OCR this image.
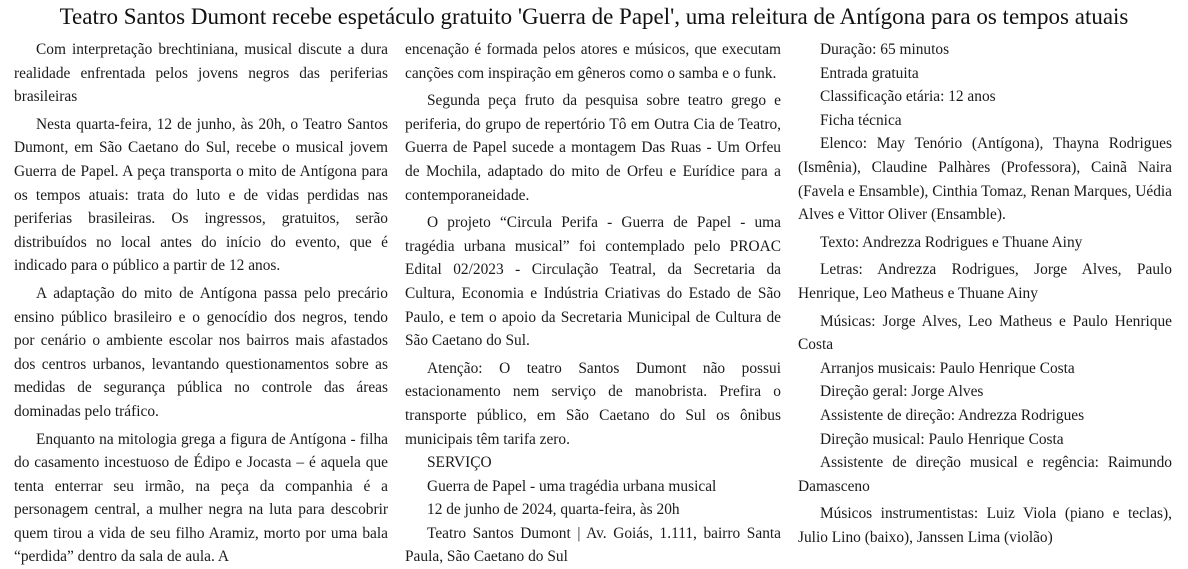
Teatro Santos Dumont recebe espetáculo gratuito 'Guerra de Papel', uma releitura de Antígona para os tempos atuais

Com interpretação brechtiniana, musical discute a dura realidade enfrentada pelos jovens negros das periferias brasileiras

Nesta quarta-feira, 12 de junho, às 20h, o Teatro Santos Dumont, em São Caetano do Sul, recebe o musical jovem Guerra de Papel. A peça transporta o mito de Antígona para os tempos atuais: trata do luto e de vidas perdidas nas periferias brasileiras. Os ingressos, gratuitos, serão distribuídos no local antes do início do evento, que é indicado para o público a partir de 12 anos.

A adaptação do mito de Antígona passa pelo precário ensino público brasileiro e o genocídio dos negros, tendo por cenário o ambiente escolar nos bairros mais afastados dos centros urbanos, levantando questionamentos sobre as medidas de segurança pública no controle das áreas dominadas pelo tráfico.

Enquanto na mitologia grega a figura de Antígona - filha do casamento incestuoso de Édipo e Jocasta – é aquela que tenta enterrar seu irmão, na peça da companhia é a personagem central, a mulher negra na luta para descobrir quem tirou a vida de seu filho Aramiz, morto por uma bala “perdida” dentro da sala de aula. A

encenação é formada pelos atores e músicos, que executam canções com inspiração em gêneros como o samba e o funk.

Segunda peça fruto da pesquisa sobre teatro grego e periferia, do grupo de repertório Tô em Outra Cia de Teatro, Guerra de Papel sucede a montagem Das Ruas - Um Orfeu de Mochila, adaptado do mito de Orfeu e Eurídice para a contemporaneidade.

O projeto “Circula Perifa - Guerra de Papel - uma tragédia urbana musical” foi contemplado pelo PROAC Edital 02/2023 - Circulação Teatral, da Secretaria da Cultura, Economia e Indústria Criativas do Estado de São Paulo, e tem o apoio da Secretaria Municipal de Cultura de São Caetano do Sul.

Atenção: O teatro Santos Dumont não possui estacionamento nem serviço de manobrista. Prefira o transporte público, em São Caetano do Sul os ônibus municipais têm tarifa zero.

SERVIÇO

Guerra de Papel - uma tragédia urbana musical

12 de junho de 2024, quarta-feira, às 20h

Teatro Santos Dumont | Av. Goiás, 1.111, bairro Santa Paula, São Caetano do Sul

Duração: 65 minutos

Entrada gratuita

Classificação etária: 12 anos

Ficha técnica

Elenco: May Tenório (Antígona), Thayna Rodrigues (Ismênia), Claudine Palhàres (Professora), Cainã Naira (Favela e Ensamble), Cinthia Tomaz, Renan Marques, Uédia Alves e Vittor Oliver (Ensamble).

Texto: Andrezza Rodrigues e Thuane Ainy

Letras: Andrezza Rodrigues, Jorge Alves, Paulo Henrique, Leo Matheus e Thuane Ainy

Músicas: Jorge Alves, Leo Matheus e Paulo Henrique Costa

Arranjos musicais: Paulo Henrique Costa

Direção geral: Jorge Alves

Assistente de direção: Andrezza Rodrigues

Direção musical: Paulo Henrique Costa

Assistente de direção musical e regência: Raimundo Damasceno

Músicos instrumentistas: Luiz Viola (piano e teclas), Julio Lino (baixo), Janssen Lima (violão)
